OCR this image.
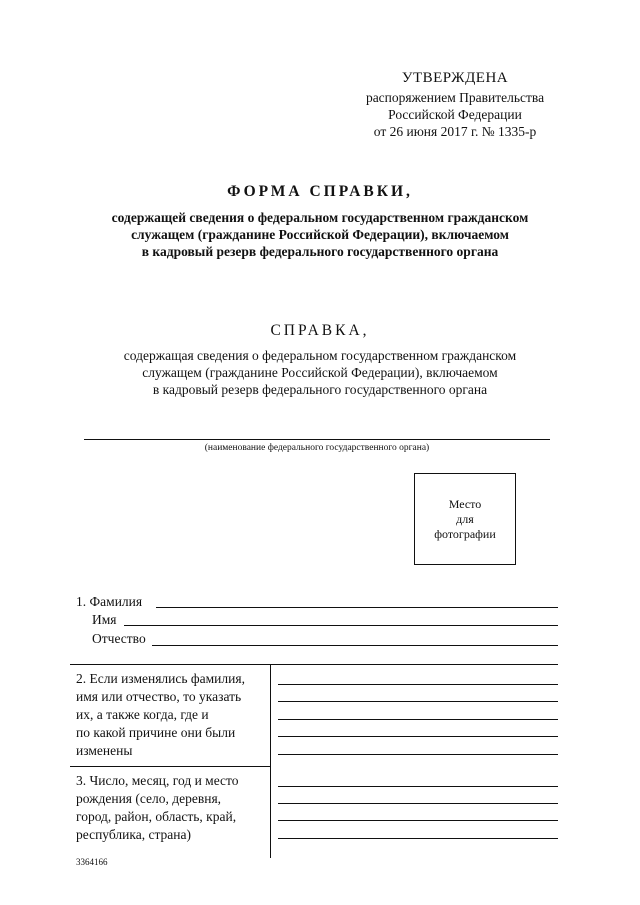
УТВЕРЖДЕНА
распоряжением Правительства
Российской Федерации
от 26 июня 2017 г. № 1335-р
ФОРМА СПРАВКИ,
содержащей сведения о федеральном государственном гражданском
служащем (гражданине Российской Федерации), включаемом
в кадровый резерв федерального государственного органа
СПРАВКА,
содержащая сведения о федеральном государственном гражданском
служащем (гражданине Российской Федерации), включаемом
в кадровый резерв федерального государственного органа
(наименование федерального государственного органа)
Место
для
фотографии
1. Фамилия
Имя
Отчество
2. Если изменялись фамилия,
имя или отчество, то указать
их, а также когда, где и
по какой причине они были
изменены
3. Число, месяц, год и место
рождения (село, деревня,
город, район, область, край,
республика, страна)
3364166
